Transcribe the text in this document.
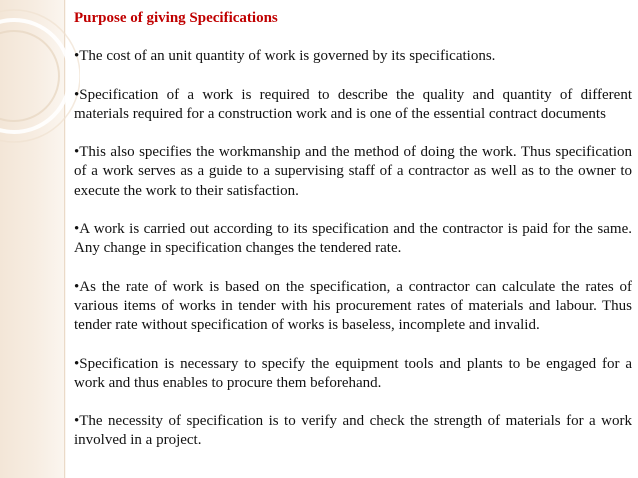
Purpose of giving Specifications
•The cost of an unit quantity of work is governed by its specifications.
•Specification of a work is required to describe the quality and quantity of different materials required for a construction work and is one of the essential contract documents
•This also specifies the workmanship and the method of doing the work. Thus specification of a work serves as a guide to a supervising staff of a contractor as well as to the owner to execute the work to their satisfaction.
•A work is carried out according to its specification and the contractor is paid for the same. Any change in specification changes the tendered rate.
•As the rate of work is based on the specification, a contractor can calculate the rates of various items of works in tender with his procurement rates of materials and labour. Thus tender rate without specification of works is baseless, incomplete and invalid.
•Specification is necessary to specify the equipment tools and plants to be engaged for a work and thus enables to procure them beforehand.
•The necessity of specification is to verify and check the strength of materials for a work involved in a project.
